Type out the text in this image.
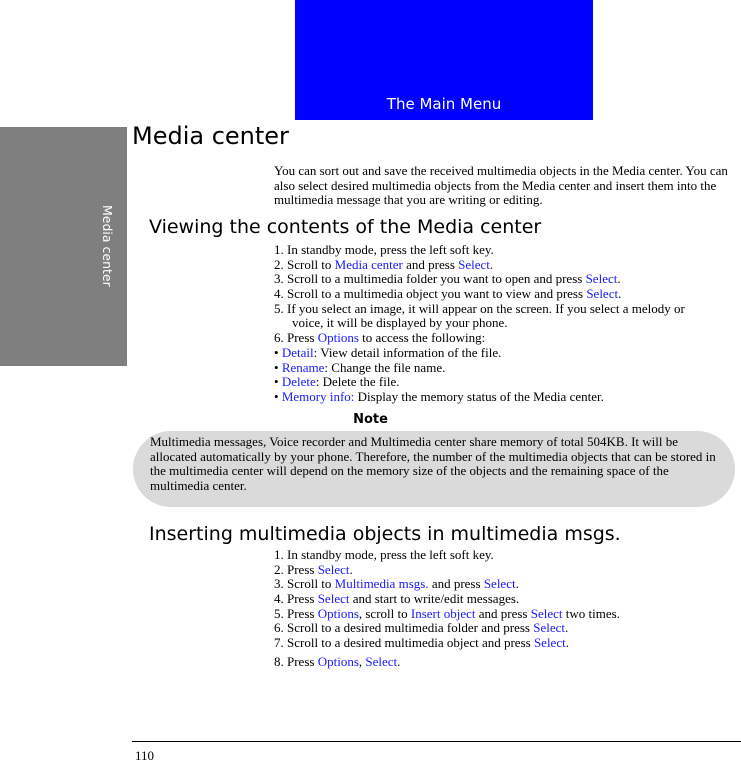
The Main Menu
Media center
Media center
You can sort out and save the received multimedia objects in the Media center. You can also select desired multimedia objects from the Media center and insert them into the multimedia message that you are writing or editing.
Viewing the contents of the Media center
1. In standby mode, press the left soft key.
2. Scroll to Media center and press Select.
3. Scroll to a multimedia folder you want to open and press Select.
4. Scroll to a multimedia object you want to view and press Select.
5. If you select an image, it will appear on the screen. If you select a melody or
voice, it will be displayed by your phone.
6. Press Options to access the following:
• Detail: View detail information of the file.
• Rename: Change the file name.
• Delete: Delete the file.
• Memory info: Display the memory status of the Media center.
Note
Multimedia messages, Voice recorder and Multimedia center share memory of total 504KB. It will be allocated automatically by your phone. Therefore, the number of the multimedia objects that can be stored in the multimedia center will depend on the memory size of the objects and the remaining space of the multimedia center.
Inserting multimedia objects in multimedia msgs.
1. In standby mode, press the left soft key.
2. Press Select.
3. Scroll to Multimedia msgs. and press Select.
4. Press Select and start to write/edit messages.
5. Press Options, scroll to Insert object and press Select two times.
6. Scroll to a desired multimedia folder and press Select.
7. Scroll to a desired multimedia object and press Select.
8. Press Options, Select.
110
